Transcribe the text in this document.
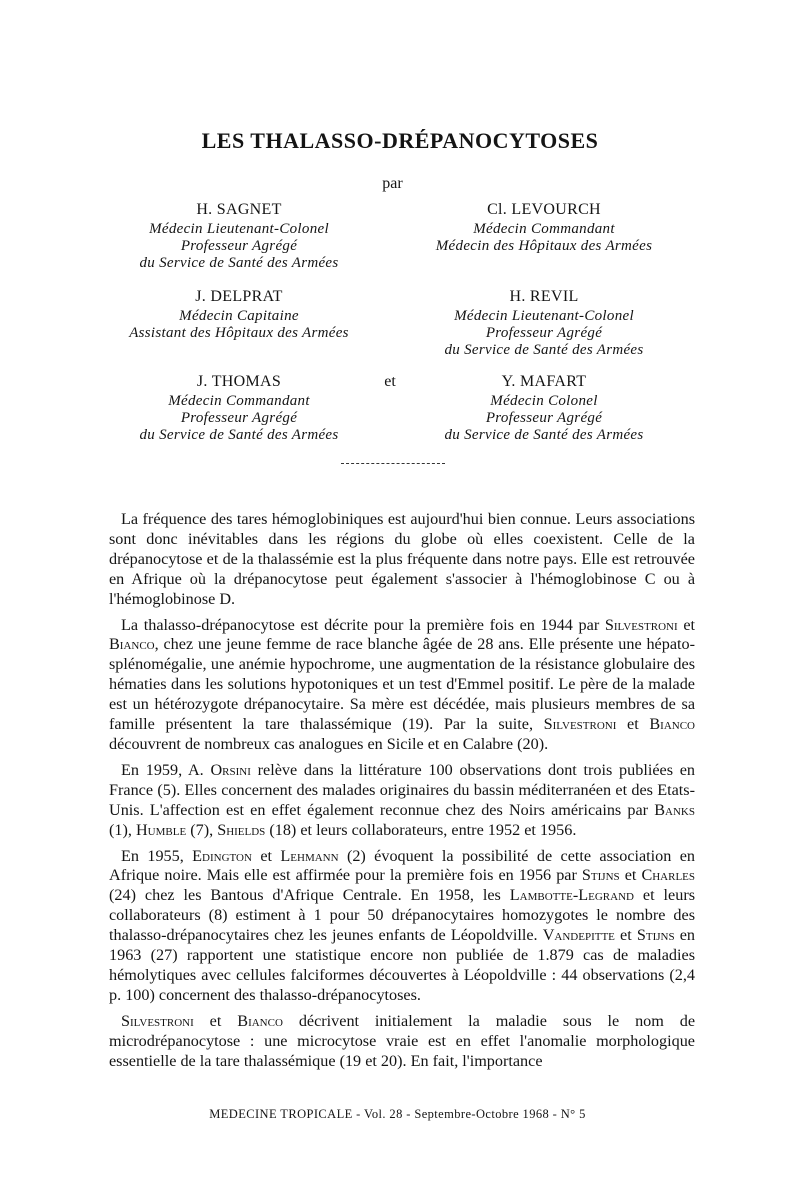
LES THALASSO-DRÉPANOCYTOSES
par
H. SAGNET
Médecin Lieutenant-Colonel
Professeur Agrégé
du Service de Santé des Armées
Cl. LEVOURCH
Médecin Commandant
Médecin des Hôpitaux des Armées
J. DELPRAT
Médecin Capitaine
Assistant des Hôpitaux des Armées
H. REVIL
Médecin Lieutenant-Colonel
Professeur Agrégé
du Service de Santé des Armées
et
J. THOMAS
Médecin Commandant
Professeur Agrégé
du Service de Santé des Armées
Y. MAFART
Médecin Colonel
Professeur Agrégé
du Service de Santé des Armées

La fréquence des tares hémoglobiniques est aujourd'hui bien connue. Leurs associations sont donc inévitables dans les régions du globe où elles coexistent. Celle de la drépanocytose et de la thalassémie est la plus fréquente dans notre pays. Elle est retrouvée en Afrique où la drépanocytose peut également s'associer à l'hémoglobinose C ou à l'hémoglobinose D.

La thalasso-drépanocytose est décrite pour la première fois en 1944 par Silvestroni et Bianco, chez une jeune femme de race blanche âgée de 28 ans. Elle présente une hépato-splénomégalie, une anémie hypochrome, une augmentation de la résistance globulaire des hématies dans les solutions hypotoniques et un test d'Emmel positif. Le père de la malade est un hétérozygote drépanocytaire. Sa mère est décédée, mais plusieurs membres de sa famille présentent la tare thalassémique (19). Par la suite, Silvestroni et Bianco découvrent de nombreux cas analogues en Sicile et en Calabre (20).

En 1959, A. Orsini relève dans la littérature 100 observations dont trois publiées en France (5). Elles concernent des malades originaires du bassin méditerranéen et des Etats-Unis. L'affection est en effet également reconnue chez des Noirs américains par Banks (1), Humble (7), Shields (18) et leurs collaborateurs, entre 1952 et 1956.

En 1955, Edington et Lehmann (2) évoquent la possibilité de cette association en Afrique noire. Mais elle est affirmée pour la première fois en 1956 par Stijns et Charles (24) chez les Bantous d'Afrique Centrale. En 1958, les Lambotte-Legrand et leurs collaborateurs (8) estiment à 1 pour 50 drépanocytaires homozygotes le nombre des thalasso-drépanocytaires chez les jeunes enfants de Léopoldville. Vandepitte et Stijns en 1963 (27) rapportent une statistique encore non publiée de 1.879 cas de maladies hémolytiques avec cellules falciformes découvertes à Léopoldville : 44 observations (2,4 p. 100) concernent des thalasso-drépanocytoses.

Silvestroni et Bianco décrivent initialement la maladie sous le nom de microdrépanocytose : une microcytose vraie est en effet l'anomalie morphologique essentielle de la tare thalassémique (19 et 20). En fait, l'importance

MEDECINE TROPICALE - Vol. 28 - Septembre-Octobre 1968 - N° 5
